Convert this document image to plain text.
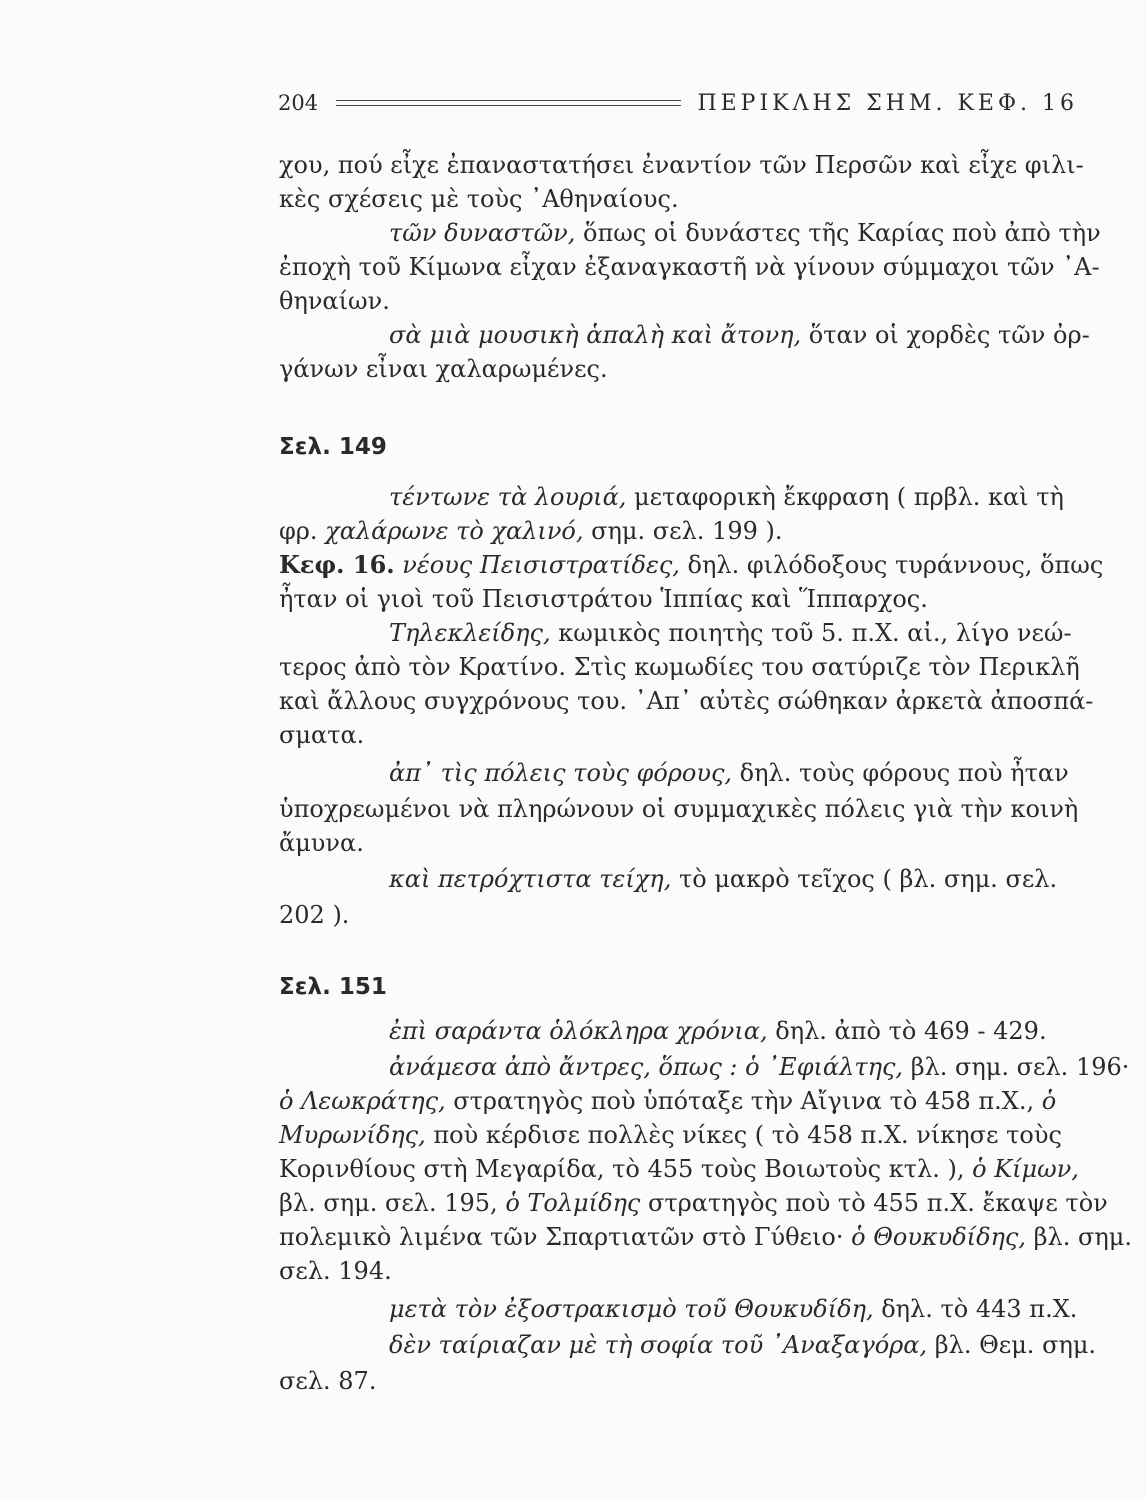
204	ΠΕΡΙΚΛΗΣ ΣΗΜ. ΚΕΦ. 16
χου, πού εἶχε ἐπαναστατήσει ἐναντίον τῶν Περσῶν καὶ εἶχε φιλι-
κὲς σχέσεις μὲ τοὺς ᾿Αθηναίους.
τῶν δυναστῶν, ὅπως οἱ δυνάστες τῆς Καρίας ποὺ ἀπὸ τὴν
ἐποχὴ τοῦ Κίμωνα εἶχαν ἐξαναγκαστῆ νὰ γίνουν σύμμαχοι τῶν ᾿Α-
θηναίων.
σὰ μιὰ μουσικὴ ἁπαλὴ καὶ ἄτονη, ὅταν οἱ χορδὲς τῶν ὀρ-
γάνων εἶναι χαλαρωμένες.
Σελ. 149
τέντωνε τὰ λουριά, μεταφορικὴ ἔκφραση ( πρβλ. καὶ τὴ
φρ. χαλάρωνε τὸ χαλινό, σημ. σελ. 199 ).
Κεφ. 16. νέους Πεισιστρατίδες, δηλ. φιλόδοξους τυράννους, ὅπως
ἦταν οἱ γιοὶ τοῦ Πεισιστράτου Ἱππίας καὶ Ἵππαρχος.
Τηλεκλείδης, κωμικὸς ποιητὴς τοῦ 5. π.Χ. αἰ., λίγο νεώ-
τερος ἀπὸ τὸν Κρατίνο. Στὶς κωμωδίες του σατύριζε τὸν Περικλῆ
καὶ ἄλλους συγχρόνους του. ᾿Απ᾿ αὐτὲς σώθηκαν ἀρκετὰ ἀποσπά-
σματα.
ἀπ᾿ τὶς πόλεις τοὺς φόρους, δηλ. τοὺς φόρους ποὺ ἦταν
ὑποχρεωμένοι νὰ πληρώνουν οἱ συμμαχικὲς πόλεις γιὰ τὴν κοινὴ
ἄμυνα.
καὶ πετρόχτιστα τείχη, τὸ μακρὸ τεῖχος ( βλ. σημ. σελ.
202 ).
Σελ. 151
ἐπὶ σαράντα ὁλόκληρα χρόνια, δηλ. ἀπὸ τὸ 469 - 429.
ἀνάμεσα ἀπὸ ἄντρες, ὅπως : ὁ ᾿Εφιάλτης, βλ. σημ. σελ. 196·
ὁ Λεωκράτης, στρατηγὸς ποὺ ὑπόταξε τὴν Αἴγινα τὸ 458 π.Χ., ὁ
Μυρωνίδης, ποὺ κέρδισε πολλὲς νίκες ( τὸ 458 π.Χ. νίκησε τοὺς
Κορινθίους στὴ Μεγαρίδα, τὸ 455 τοὺς Βοιωτοὺς κτλ. ), ὁ Κίμων,
βλ. σημ. σελ. 195, ὁ Τολμίδης στρατηγὸς ποὺ τὸ 455 π.Χ. ἔκαψε τὸν
πολεμικὸ λιμένα τῶν Σπαρτιατῶν στὸ Γύθειο· ὁ Θουκυδίδης, βλ. σημ.
σελ. 194.
μετὰ τὸν ἐξοστρακισμὸ τοῦ Θουκυδίδη, δηλ. τὸ 443 π.Χ.
δὲν ταίριαζαν μὲ τὴ σοφία τοῦ ᾿Αναξαγόρα, βλ. Θεμ. σημ.
σελ. 87.
